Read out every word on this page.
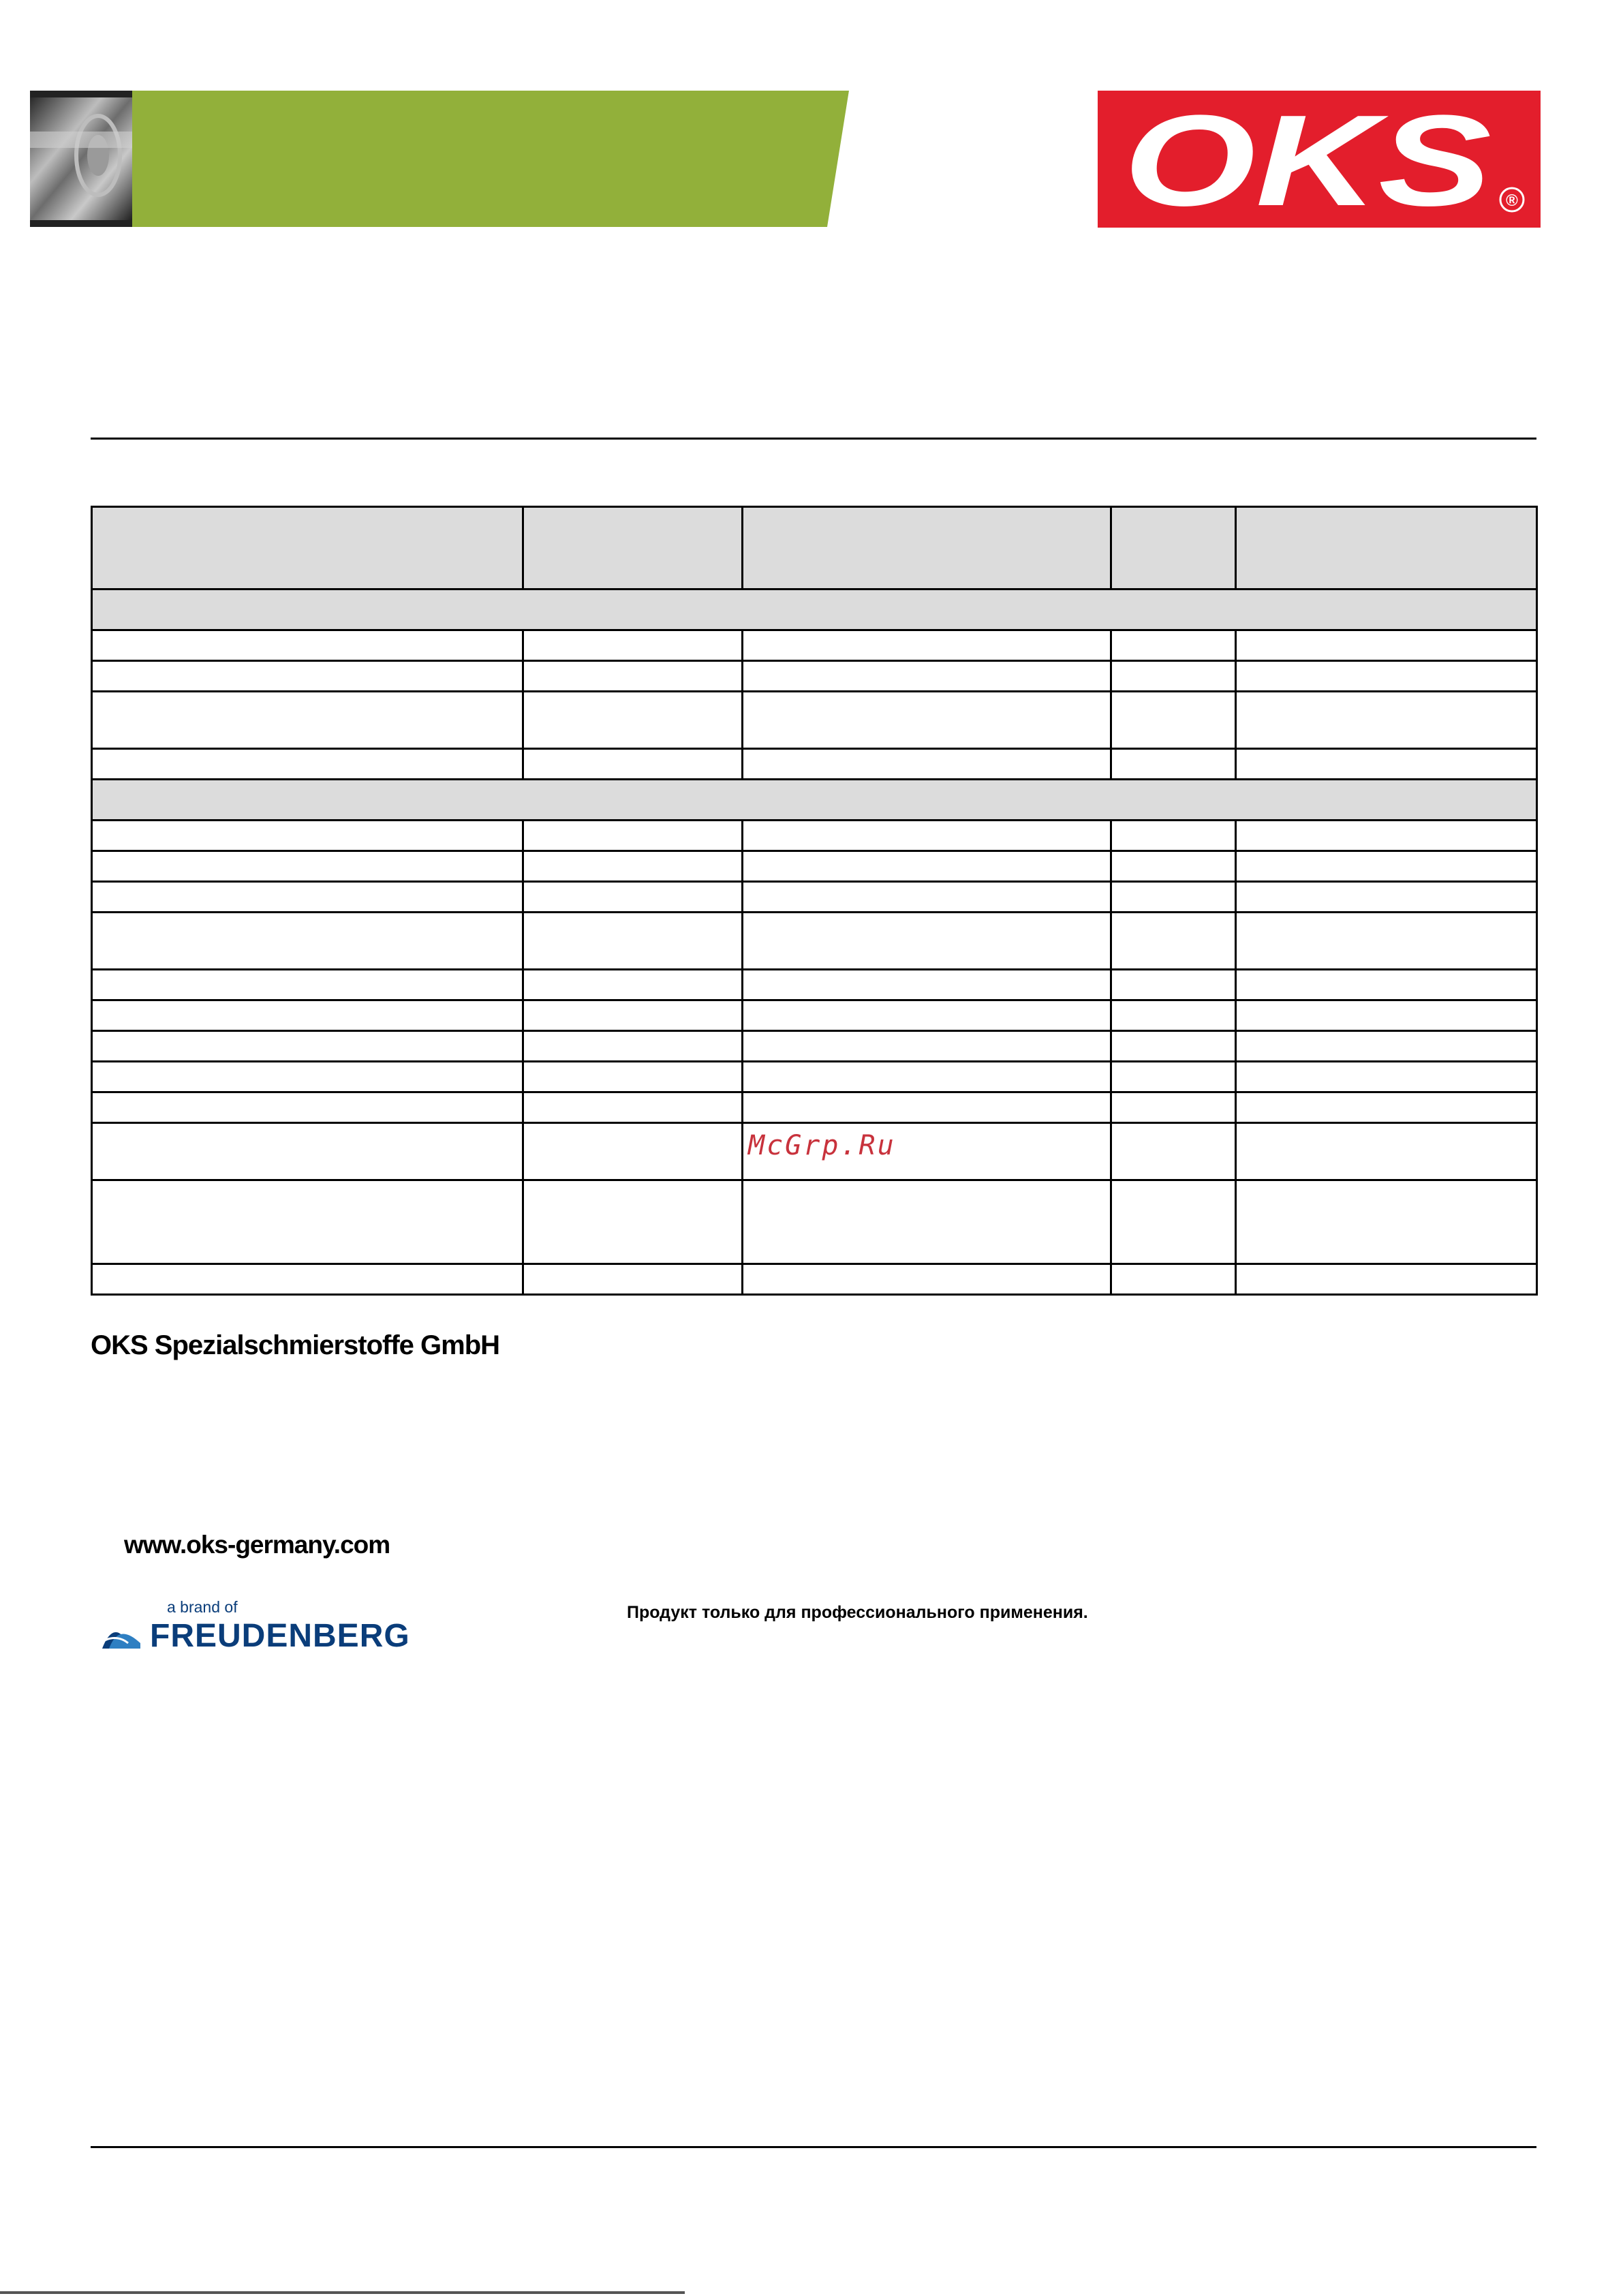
OKS ®

McGrp.Ru
OKS Spezialschmierstoffe GmbH
www.oks-germany.com
a brand of
FREUDENBERG
Продукт только для профессионального применения.
